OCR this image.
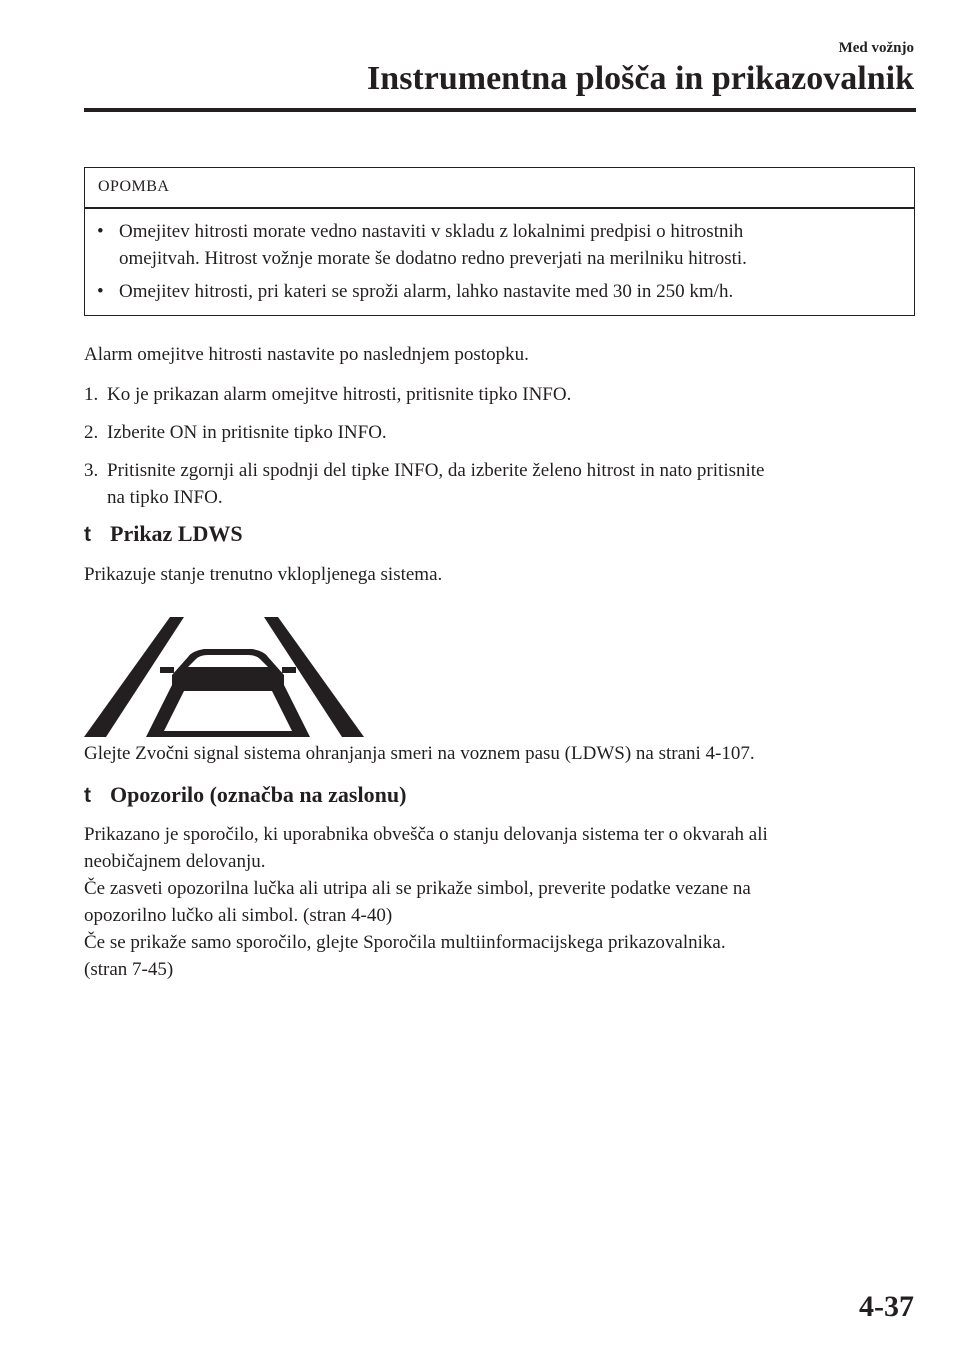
Med vožnjo
Instrumentna plošča in prikazovalnik
OPOMBA
• Omejitev hitrosti morate vedno nastaviti v skladu z lokalnimi predpisi o hitrostnih
omejitvah. Hitrost vožnje morate še dodatno redno preverjati na merilniku hitrosti.
• Omejitev hitrosti, pri kateri se sproži alarm, lahko nastavite med 30 in 250 km/h.
Alarm omejitve hitrosti nastavite po naslednjem postopku.
1. Ko je prikazan alarm omejitve hitrosti, pritisnite tipko INFO.
2. Izberite ON in pritisnite tipko INFO.
3. Pritisnite zgornji ali spodnji del tipke INFO, da izberite želeno hitrost in nato pritisnite
na tipko INFO.
t Prikaz LDWS
Prikazuje stanje trenutno vklopljenega sistema.
Glejte Zvočni signal sistema ohranjanja smeri na voznem pasu (LDWS) na strani 4-107.
t Opozorilo (označba na zaslonu)
Prikazano je sporočilo, ki uporabnika obvešča o stanju delovanja sistema ter o okvarah ali
neobičajnem delovanju.
Če zasveti opozorilna lučka ali utripa ali se prikaže simbol, preverite podatke vezane na
opozorilno lučko ali simbol. (stran 4-40)
Če se prikaže samo sporočilo, glejte Sporočila multiinformacijskega prikazovalnika.
(stran 7-45)
4-37
